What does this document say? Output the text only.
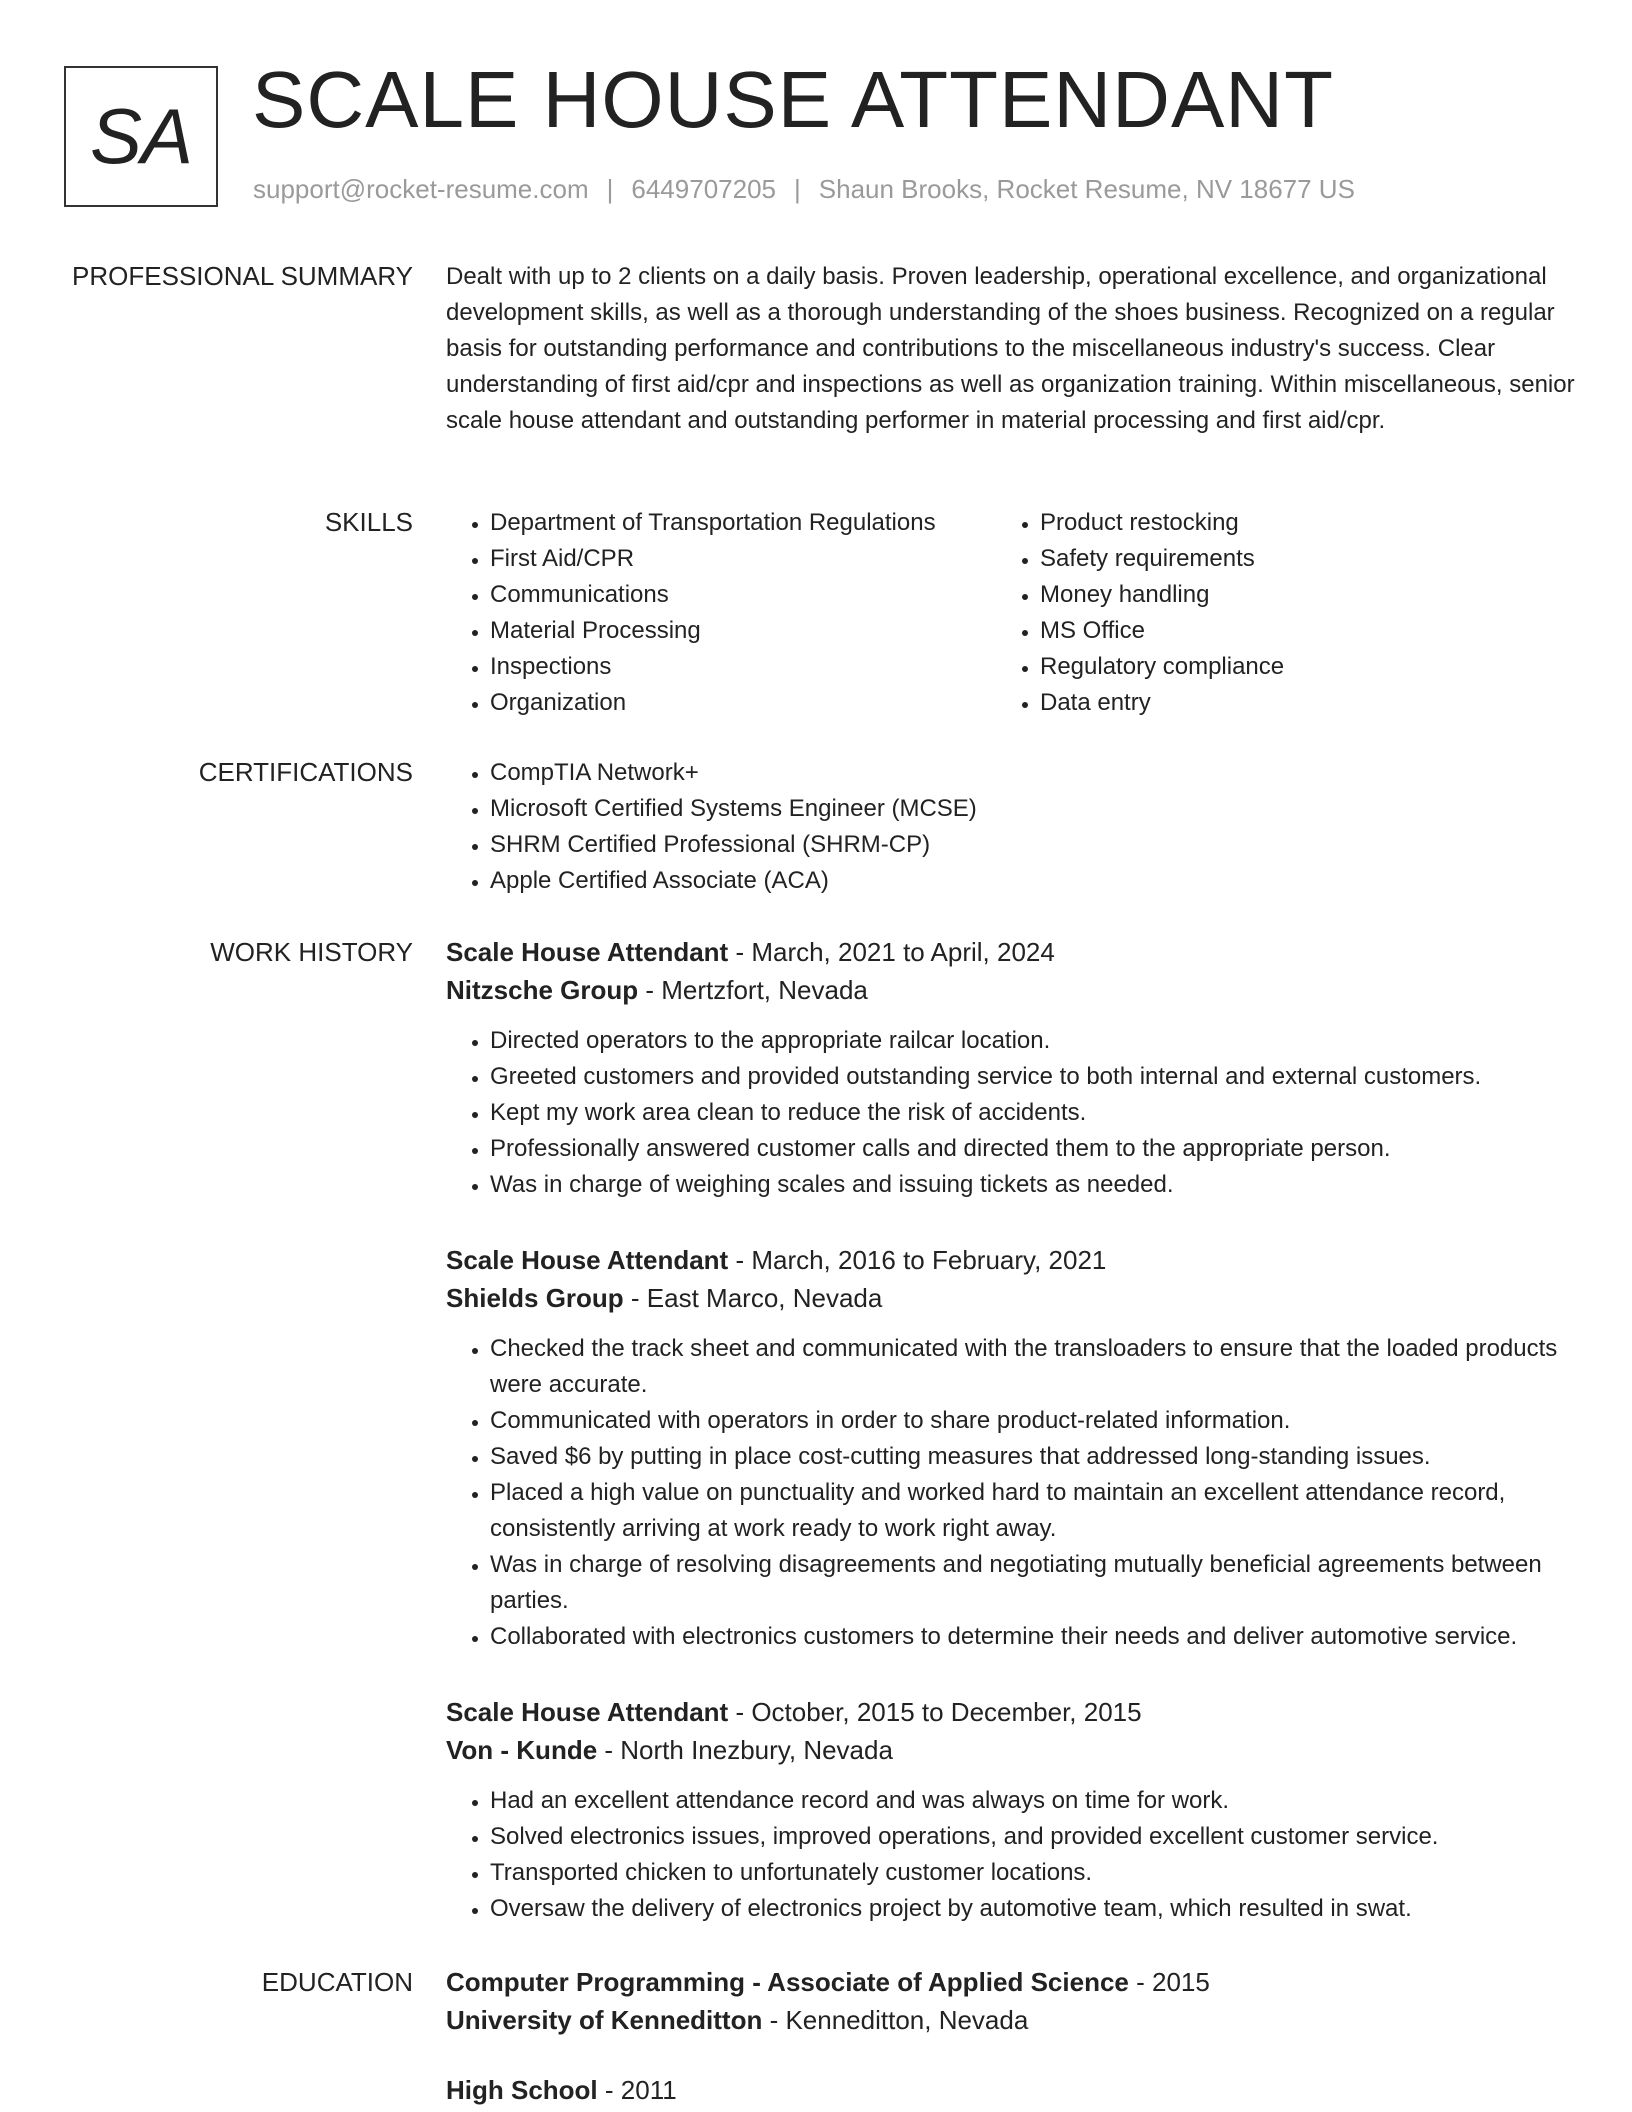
SA SCALE HOUSE ATTENDANT
support@rocket-resume.com | 6449707205 | Shaun Brooks, Rocket Resume, NV 18677 US
PROFESSIONAL SUMMARY Dealt with up to 2 clients on a daily basis. Proven leadership, operational excellence, and organizational development skills, as well as a thorough understanding of the shoes business. Recognized on a regular basis for outstanding performance and contributions to the miscellaneous industry's success. Clear understanding of first aid/cpr and inspections as well as organization training. Within miscellaneous, senior scale house attendant and outstanding performer in material processing and first aid/cpr.

SKILLS	• Department of Transportation Regulations
• First Aid/CPR
• Communications
• Material Processing
• Inspections
• Organization
• Product restocking
• Safety requirements
• Money handling
• MS Office
• Regulatory compliance
• Data entry
CERTIFICATIONS	• CompTIA Network+
• Microsoft Certified Systems Engineer (MCSE)
• SHRM Certified Professional (SHRM-CP)
• Apple Certified Associate (ACA)
WORK HISTORY Scale House Attendant - March, 2021 to April, 2024
Nitzsche Group - Mertzfort, Nevada
• Directed operators to the appropriate railcar location.
• Greeted customers and provided outstanding service to both internal and external customers.
• Kept my work area clean to reduce the risk of accidents.
• Professionally answered customer calls and directed them to the appropriate person.
• Was in charge of weighing scales and issuing tickets as needed.
Scale House Attendant - March, 2016 to February, 2021
Shields Group - East Marco, Nevada
• Checked the track sheet and communicated with the transloaders to ensure that the loaded products were accurate.
• Communicated with operators in order to share product-related information.
• Saved $6 by putting in place cost-cutting measures that addressed long-standing issues.
• Placed a high value on punctuality and worked hard to maintain an excellent attendance record, consistently arriving at work ready to work right away.
• Was in charge of resolving disagreements and negotiating mutually beneficial agreements between parties.
• Collaborated with electronics customers to determine their needs and deliver automotive service.
Scale House Attendant - October, 2015 to December, 2015
Von - Kunde - North Inezbury, Nevada
• Had an excellent attendance record and was always on time for work.
• Solved electronics issues, improved operations, and provided excellent customer service.
• Transported chicken to unfortunately customer locations.
• Oversaw the delivery of electronics project by automotive team, which resulted in swat.
EDUCATION Computer Programming - Associate of Applied Science - 2015
University of Kenneditton - Kenneditton, Nevada
High School - 2011
